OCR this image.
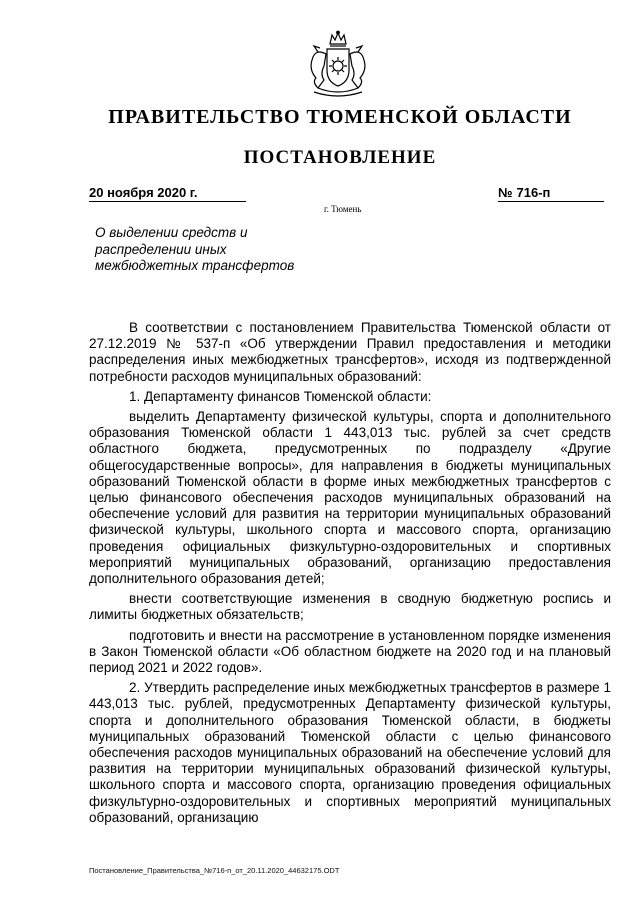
ПРАВИТЕЛЬСТВО ТЮМЕНСКОЙ ОБЛАСТИ
ПОСТАНОВЛЕНИЕ
20 ноября 2020 г.	№ 716-п
г. Тюмень
О выделении средств и
распределении иных
межбюджетных трансфертов

В соответствии с постановлением Правительства Тюменской области от 27.12.2019 № 537-п «Об утверждении Правил предоставления и методики распределения иных межбюджетных трансфертов», исходя из подтвержденной потребности расходов муниципальных образований:

1. Департаменту финансов Тюменской области:

выделить Департаменту физической культуры, спорта и дополнительного образования Тюменской области 1 443,013 тыс. рублей за счет средств областного бюджета, предусмотренных по подразделу «Другие общегосударственные вопросы», для направления в бюджеты муниципальных образований Тюменской области в форме иных межбюджетных трансфертов с целью финансового обеспечения расходов муниципальных образований на обеспечение условий для развития на территории муниципальных образований физической культуры, школьного спорта и массового спорта, организацию проведения официальных физкультурно-оздоровительных и спортивных мероприятий муниципальных образований, организацию предоставления дополнительного образования детей;

внести соответствующие изменения в сводную бюджетную роспись и лимиты бюджетных обязательств;

подготовить и внести на рассмотрение в установленном порядке изменения в Закон Тюменской области «Об областном бюджете на 2020 год и на плановый период 2021 и 2022 годов».

2. Утвердить распределение иных межбюджетных трансфертов в размере 1 443,013 тыс. рублей, предусмотренных Департаменту физической культуры, спорта и дополнительного образования Тюменской области, в бюджеты муниципальных образований Тюменской области с целью финансового обеспечения расходов муниципальных образований на обеспечение условий для развития на территории муниципальных образований физической культуры, школьного спорта и массового спорта, организацию проведения официальных физкультурно-оздоровительных и спортивных мероприятий муниципальных образований, организацию

Постановление_Правительства_№716-п_от_20.11.2020_44632175.ODT
